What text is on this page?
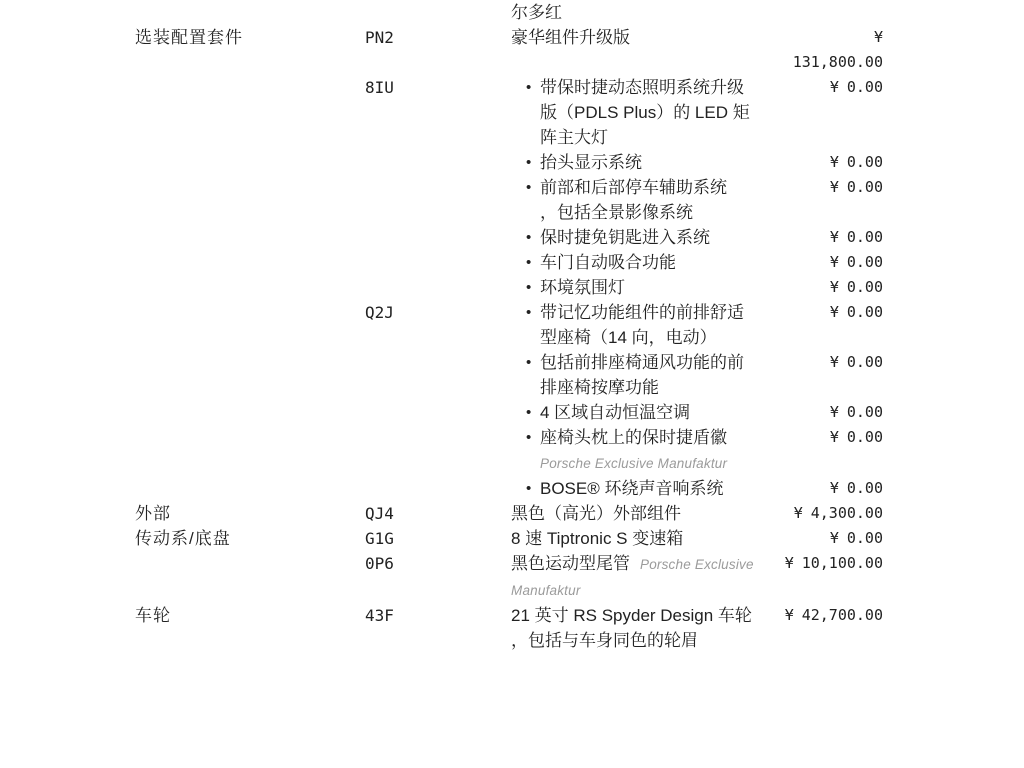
尔多红
选装配置套件	PN2	豪华组件升级版	¥
131,800.00
8IU	• 带保时捷动态照明系统升级
版（PDLS Plus）的 LED 矩
阵主大灯
¥ 0.00
• 抬头显示系统	¥ 0.00
• 前部和后部停车辅助系统
，包括全景影像系统
¥ 0.00
• 保时捷免钥匙进入系统	¥ 0.00
• 车门自动吸合功能	¥ 0.00
• 环境氛围灯	¥ 0.00
Q2J	• 带记忆功能组件的前排舒适
型座椅（14 向，电动）
¥ 0.00
• 包括前排座椅通风功能的前
排座椅按摩功能
¥ 0.00
• 4 区域自动恒温空调	¥ 0.00
• 座椅头枕上的保时捷盾徽
Porsche Exclusive Manufaktur
¥ 0.00
• BOSE® 环绕声音响系统	¥ 0.00
外部	QJ4	黑色（高光）外部组件	¥ 4,300.00
传动系/底盘	G1G	8 速 Tiptronic S 变速箱	¥ 0.00
0P6	黑色运动型尾管 Porsche Exclusive Manufaktur
¥ 10,100.00
车轮	43F	21 英寸 RS Spyder Design 车轮
，包括与车身同色的轮眉
¥ 42,700.00
